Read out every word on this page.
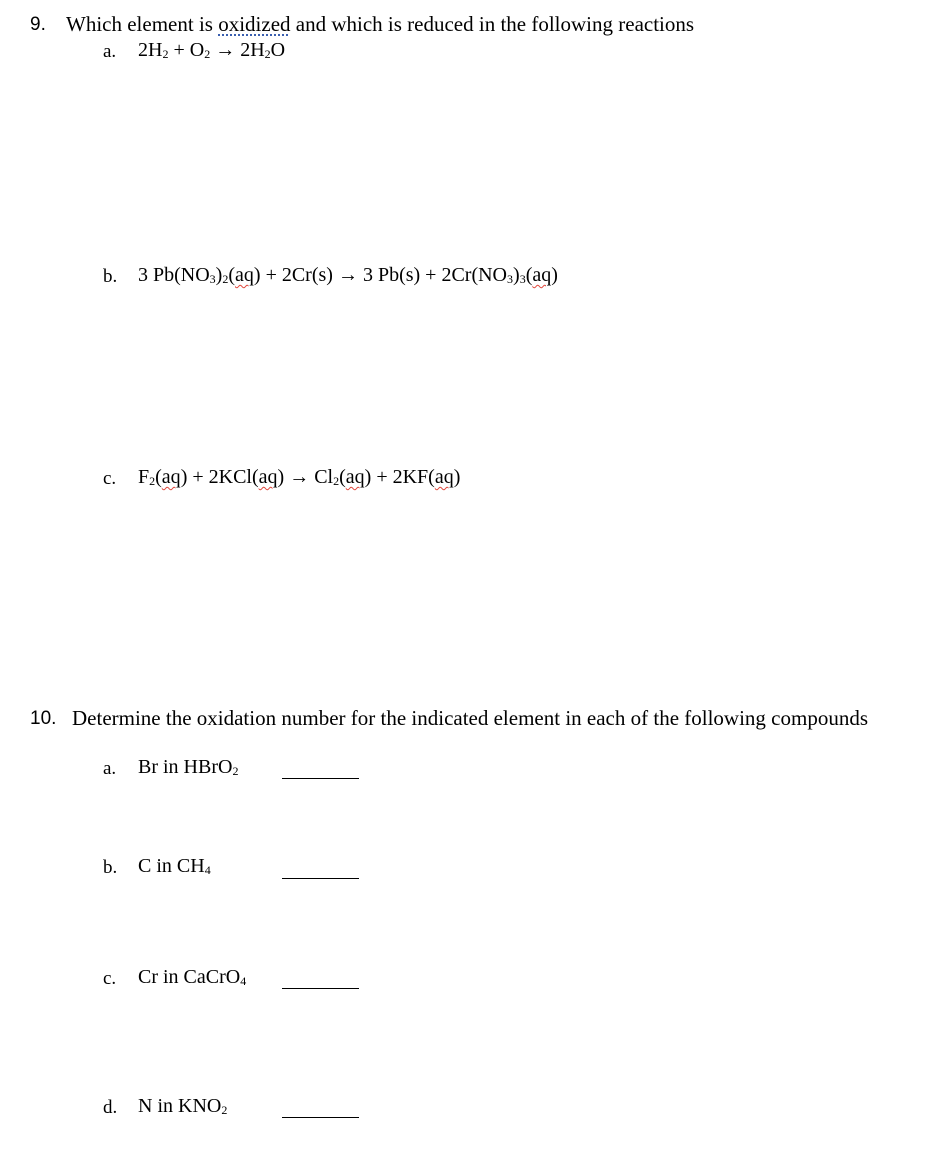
9. Which element is oxidized and which is reduced in the following reactions
a. $2H_2 + O_2 \to 2H_2O$
b. 3 $Pb(NO_3)_2(aq) + 2Cr(s) \to 3$ $Pb(s) + 2Cr(NO_3)_3(aq)$
c. $F_2(aq) + 2KCl(aq) \to Cl_2(aq) + 2KF(aq)$
10. Determine the oxidation number for the indicated element in each of the following compounds
a. Br in HBrO$_2$
b. C in $CH_4$
c. Cr in CaCrO$_4$
d. N in $KNO_2$
